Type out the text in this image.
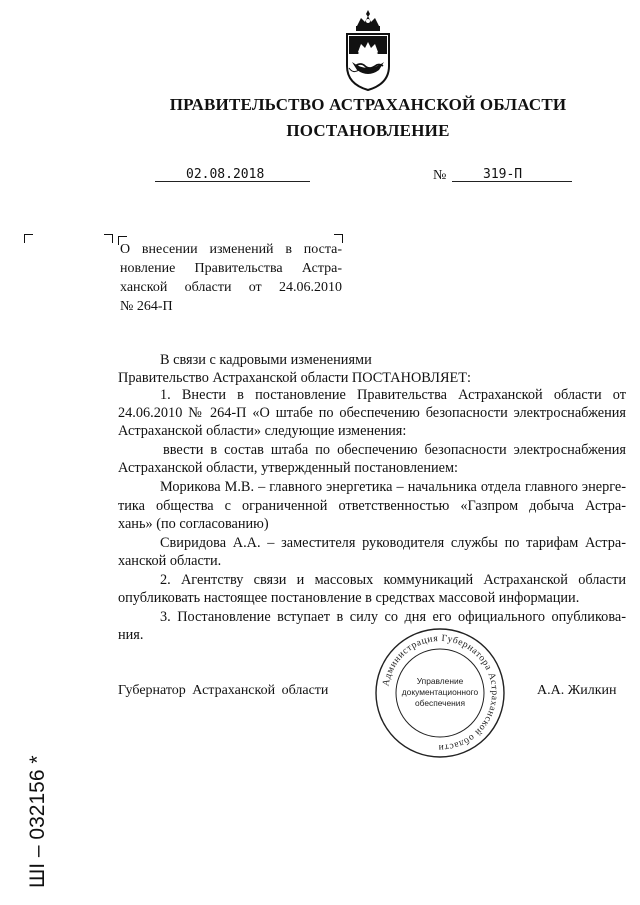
ПРАВИТЕЛЬСТВО АСТРАХАНСКОЙ ОБЛАСТИ
ПОСТАНОВЛЕНИЕ
02.08.2018	№	319-П
О внесении изменений в поста-
новление Правительства Астра-
ханской области от 24.06.2010
№ 264-П
В связи с кадровыми изменениями
Правительство Астраханской области ПОСТАНОВЛЯЕТ:
1. Внести в постановление Правительства Астраханской области от
24.06.2010 № 264-П «О штабе по обеспечению безопасности электроснабжения
Астраханской области» следующие изменения:
ввести в состав штаба по обеспечению безопасности электроснабжения
Астраханской области, утвержденный постановлением:
Морикова М.В. – главного энергетика – начальника отдела главного энерге-
тика общества с ограниченной ответственностью «Газпром добыча Астра-
хань» (по согласованию)
Свиридова А.А. – заместителя руководителя службы по тарифам Астра-
ханской области.
2. Агентству связи и массовых коммуникаций Астраханской области
опубликовать настоящее постановление в средствах массовой информации.
3. Постановление вступает в силу со дня его официального опубликова-
ния.
Губернатор Астраханской области	А.А. Жилкин
Администрация Губернатора Астраханской области
Управление
документационного
обеспечения
ШI – 032156 *
